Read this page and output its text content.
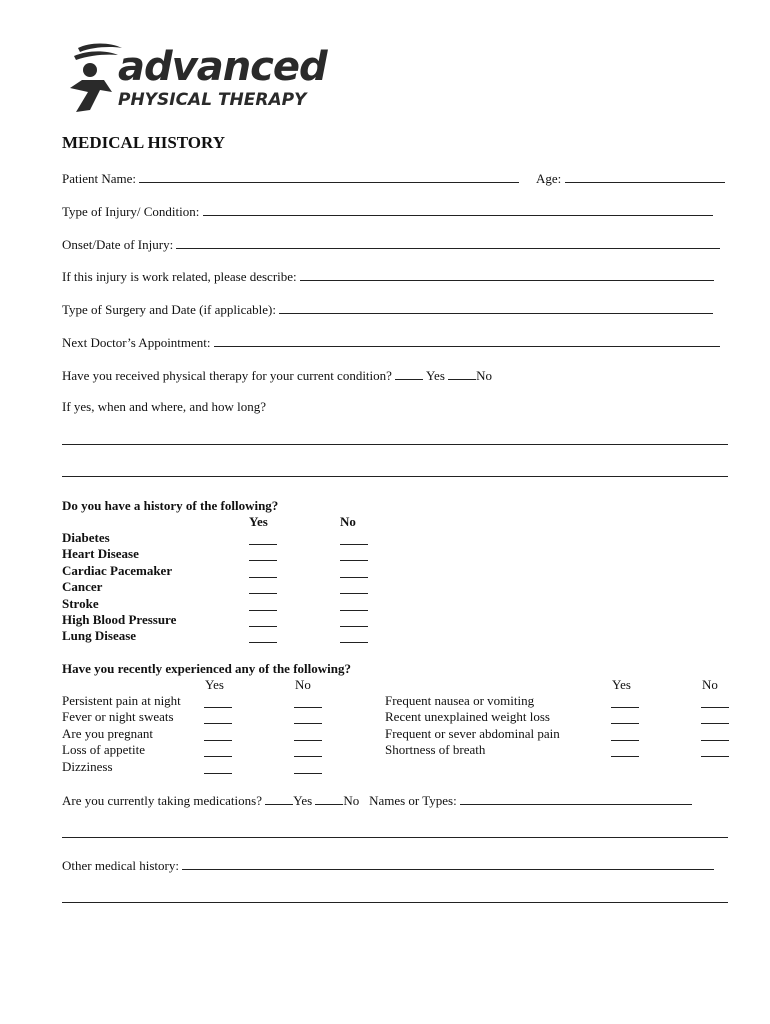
advanced
PHYSICAL THERAPY
MEDICAL HISTORY
Patient Name:	Age:
Type of Injury/ Condition:
Onset/Date of Injury:
If this injury is work related, please describe:
Type of Surgery and Date (if applicable):
Next Doctor’s Appointment:
Have you received physical therapy for your current condition?	Yes No
If yes, when and where, and how long?
Do you have a history of the following?
Yes	No
Diabetes
Heart Disease
Cardiac Pacemaker
Cancer
Stroke
High Blood Pressure
Lung Disease
Have you recently experienced any of the following?
Yes	No	Yes	No
Persistent pain at night
Fever or night sweats
Are you pregnant
Loss of appetite
Dizziness
Frequent nausea or vomiting
Recent unexplained weight loss
Frequent or sever abdominal pain
Shortness of breath
Are you currently taking medications? Yes No Names or Types:
Other medical history:
